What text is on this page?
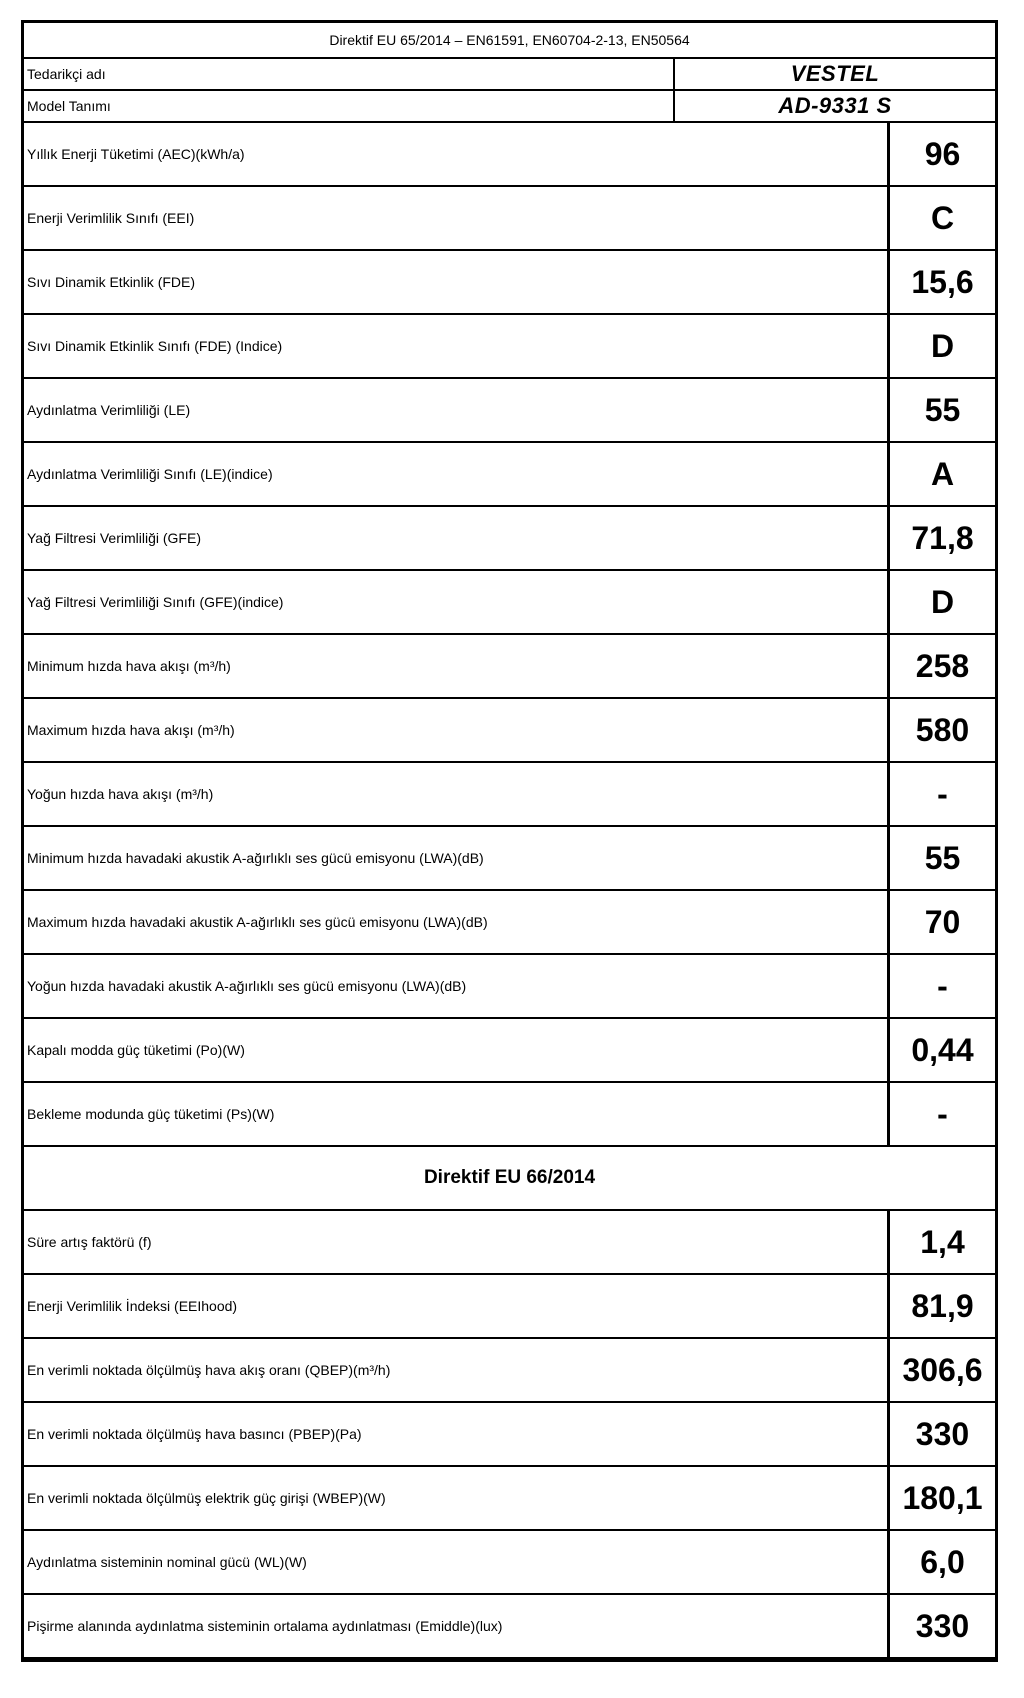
Direktif EU 65/2014 – EN61591, EN60704-2-13, EN50564
Tedarikçi adı	VESTEL
Model Tanımı	AD-9331 S
Yıllık Enerji Tüketimi (AEC)(kWh/a)	96
Enerji Verimlilik Sınıfı (EEI)	C
Sıvı Dinamik Etkinlik (FDE)	15,6
Sıvı Dinamik Etkinlik Sınıfı (FDE) (Indice)	D
Aydınlatma Verimliliği (LE)	55
Aydınlatma Verimliliği Sınıfı (LE)(indice)	A
Yağ Filtresi Verimliliği (GFE)	71,8
Yağ Filtresi Verimliliği Sınıfı (GFE)(indice)	D
Minimum hızda hava akışı (m³/h)	258
Maximum hızda hava akışı (m³/h)	580
Yoğun hızda hava akışı (m³/h)	-
Minimum hızda havadaki akustik A-ağırlıklı ses gücü emisyonu (LWA)(dB)	55
Maximum hızda havadaki akustik A-ağırlıklı ses gücü emisyonu (LWA)(dB)	70
Yoğun hızda havadaki akustik A-ağırlıklı ses gücü emisyonu (LWA)(dB)	-
Kapalı modda güç tüketimi (Po)(W)	0,44
Bekleme modunda güç tüketimi (Ps)(W)	-
Direktif EU 66/2014
Süre artış faktörü (f)	1,4
Enerji Verimlilik İndeksi (EEIhood)	81,9
En verimli noktada ölçülmüş hava akış oranı (QBEP)(m³/h)	306,6
En verimli noktada ölçülmüş hava basıncı (PBEP)(Pa)	330
En verimli noktada ölçülmüş elektrik güç girişi (WBEP)(W)	180,1
Aydınlatma sisteminin nominal gücü (WL)(W)	6,0
Pişirme alanında aydınlatma sisteminin ortalama aydınlatması (Emiddle)(lux)	330
